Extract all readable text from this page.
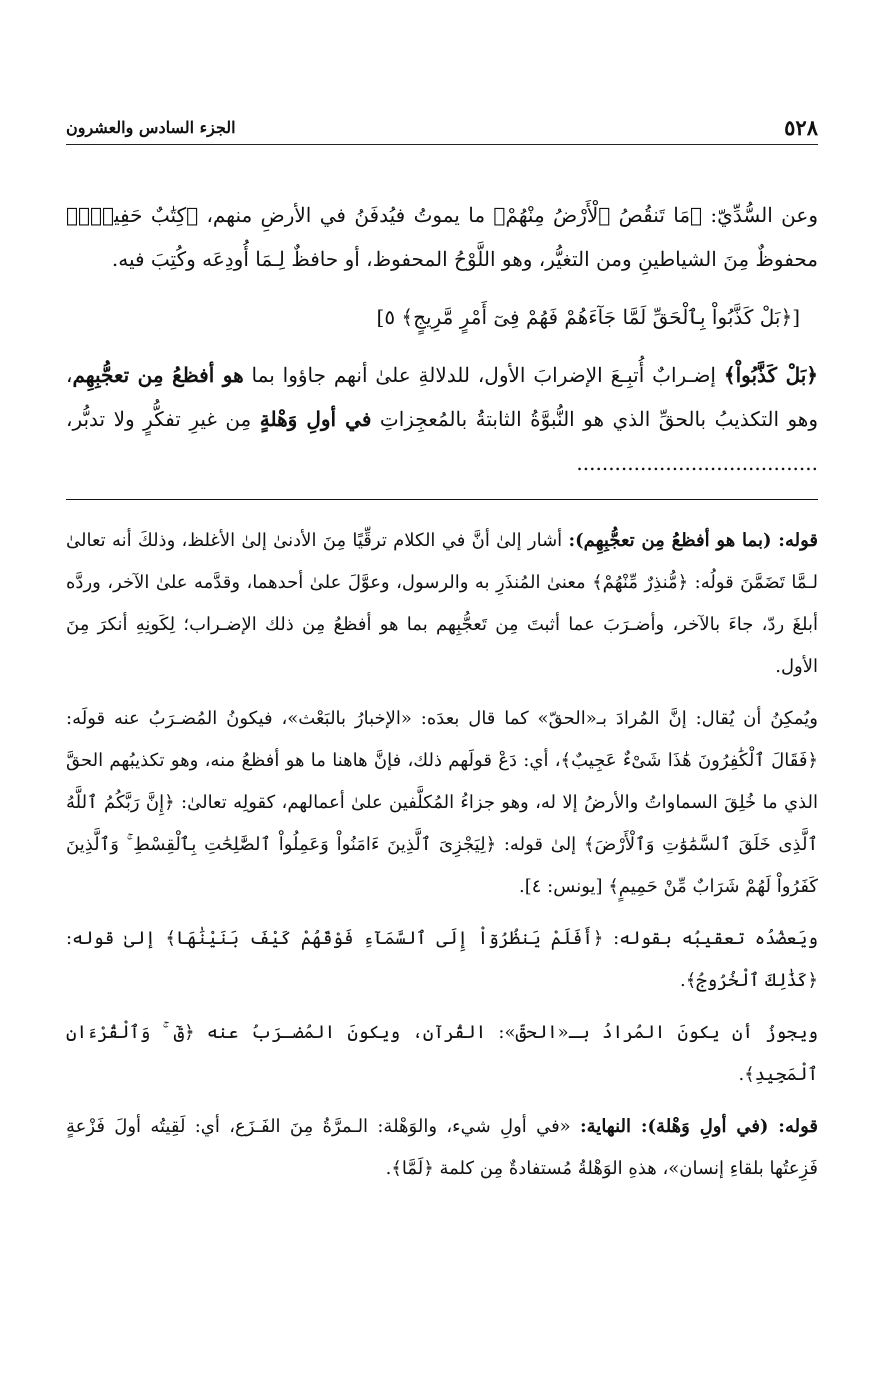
٥٢٨
الجزء السادس والعشرون

وعن السُّدِّيّ: ﴿مَا تَنقُصُ ٱلْأَرْضُ مِنْهُمْ﴾ ما يموتُ فيُدفَنُ في الأرضِ منهم، ﴿كِتَٰبٌ حَفِيظٌۢ﴾ محفوظٌ مِنَ الشياطينِ ومن التغيُّر، وهو اللَّوْحُ المحفوظ، أو حافظٌ لِـمَا أُودِعَه وكُتِبَ فيه.

[﴿بَلْ كَذَّبُواْ بِٱلْحَقِّ لَمَّا جَآءَهُمْ فَهُمْ فِىٓ أَمْرٍ مَّرِيجٍ﴾ ٥]

﴿بَلْ كَذَّبُواْ﴾ إضـرابٌ أُتبِـعَ الإضرابَ الأول، للدلالةِ علىٰ أنهم جاؤوا بما هو أفظعُ مِن تعجُّبِهِم، وهو التكذيبُ بالحقِّ الذي هو النُّبوَّةُ الثابتةُ بالمُعجِزاتِ في أولِ وَهْلةٍ مِن غيرِ تفكُّرٍ ولا تدبُّر، ......................................

قوله: (بما هو أفظعُ مِن تعجُّبِهِم): أشار إلىٰ أنَّ في الكلام ترقِّيًا مِنَ الأدنىٰ إلىٰ الأغلظ، وذلكَ أنه تعالىٰ لـمَّا تَضَمَّنَ قولُه: ﴿مُّنذِرٌ مِّنْهُمْ﴾ معنىٰ المُنذَرِ به والرسول، وعوَّلَ علىٰ أحدهما، وقدَّمه علىٰ الآخر، وردَّه أبلغَ ردّ، جاءَ بالآخر، وأضـرَبَ عما أثبتَ مِن تَعجُّبِهم بما هو أفظعُ مِن ذلك الإضـراب؛ لِكَونِهِ أنكرَ مِنَ الأول.

ويُمكِنُ أن يُقال: إنَّ المُرادَ بـ«الحقّ» كما قال بعدَه: «الإخبارُ بالبَعْث»، فيكونُ المُضـرَبُ عنه قولَه: ﴿فَقَالَ ٱلْكَٰفِرُونَ هَٰذَا شَىْءٌ عَجِيبٌ﴾، أي: دَعْ قولَهم ذلك، فإنَّ هاهنا ما هو أفظعُ منه، وهو تكذيبُهم الحقَّ الذي ما خُلِقَ السماواتُ والأرضُ إلا له، وهو جزاءُ المُكلَّفين علىٰ أعمالهم، كقولِه تعالىٰ: ﴿إِنَّ رَبَّكُمُ ٱللَّهُ ٱلَّذِى خَلَقَ ٱلسَّمَٰوَٰتِ وَٱلْأَرْضَ﴾ إلىٰ قوله: ﴿لِيَجْزِىَ ٱلَّذِينَ ءَامَنُواْ وَعَمِلُواْ ٱلصَّٰلِحَٰتِ بِٱلْقِسْطِ ۚ وَٱلَّذِينَ كَفَرُواْ لَهُمْ شَرَابٌ مِّنْ حَمِيمٍ﴾ [يونس: ٤].

ويَعضُدُه تعقيبُه بقوله: ﴿أَفَلَمْ يَنظُرُوٓاْ إِلَى ٱلسَّمَآءِ فَوْقَهُمْ كَيْفَ بَنَيْنَٰهَا﴾ إلىٰ قوله: ﴿كَذَٰلِكَ ٱلْخُرُوجُ﴾.

ويجوزُ أن يكونَ المُرادُ بـ«الحقّ»: القُرآن، ويكونَ المُضـرَبُ عنه ﴿قٓ ۚ وَٱلْقُرْءَانِ ٱلْمَجِيدِ﴾.

قوله: (في أولِ وَهْلة): النهاية: «في أولِ شيء، والوَهْلة: الـمرَّةُ مِنَ الفَـزَع، أي: لَقِيتُه أولَ فَزْعةٍ فَزِعتُها بلقاءِ إنسان»، هذهِ الوَهْلةُ مُستفادةٌ مِن كلمة ﴿لَمَّا﴾.
